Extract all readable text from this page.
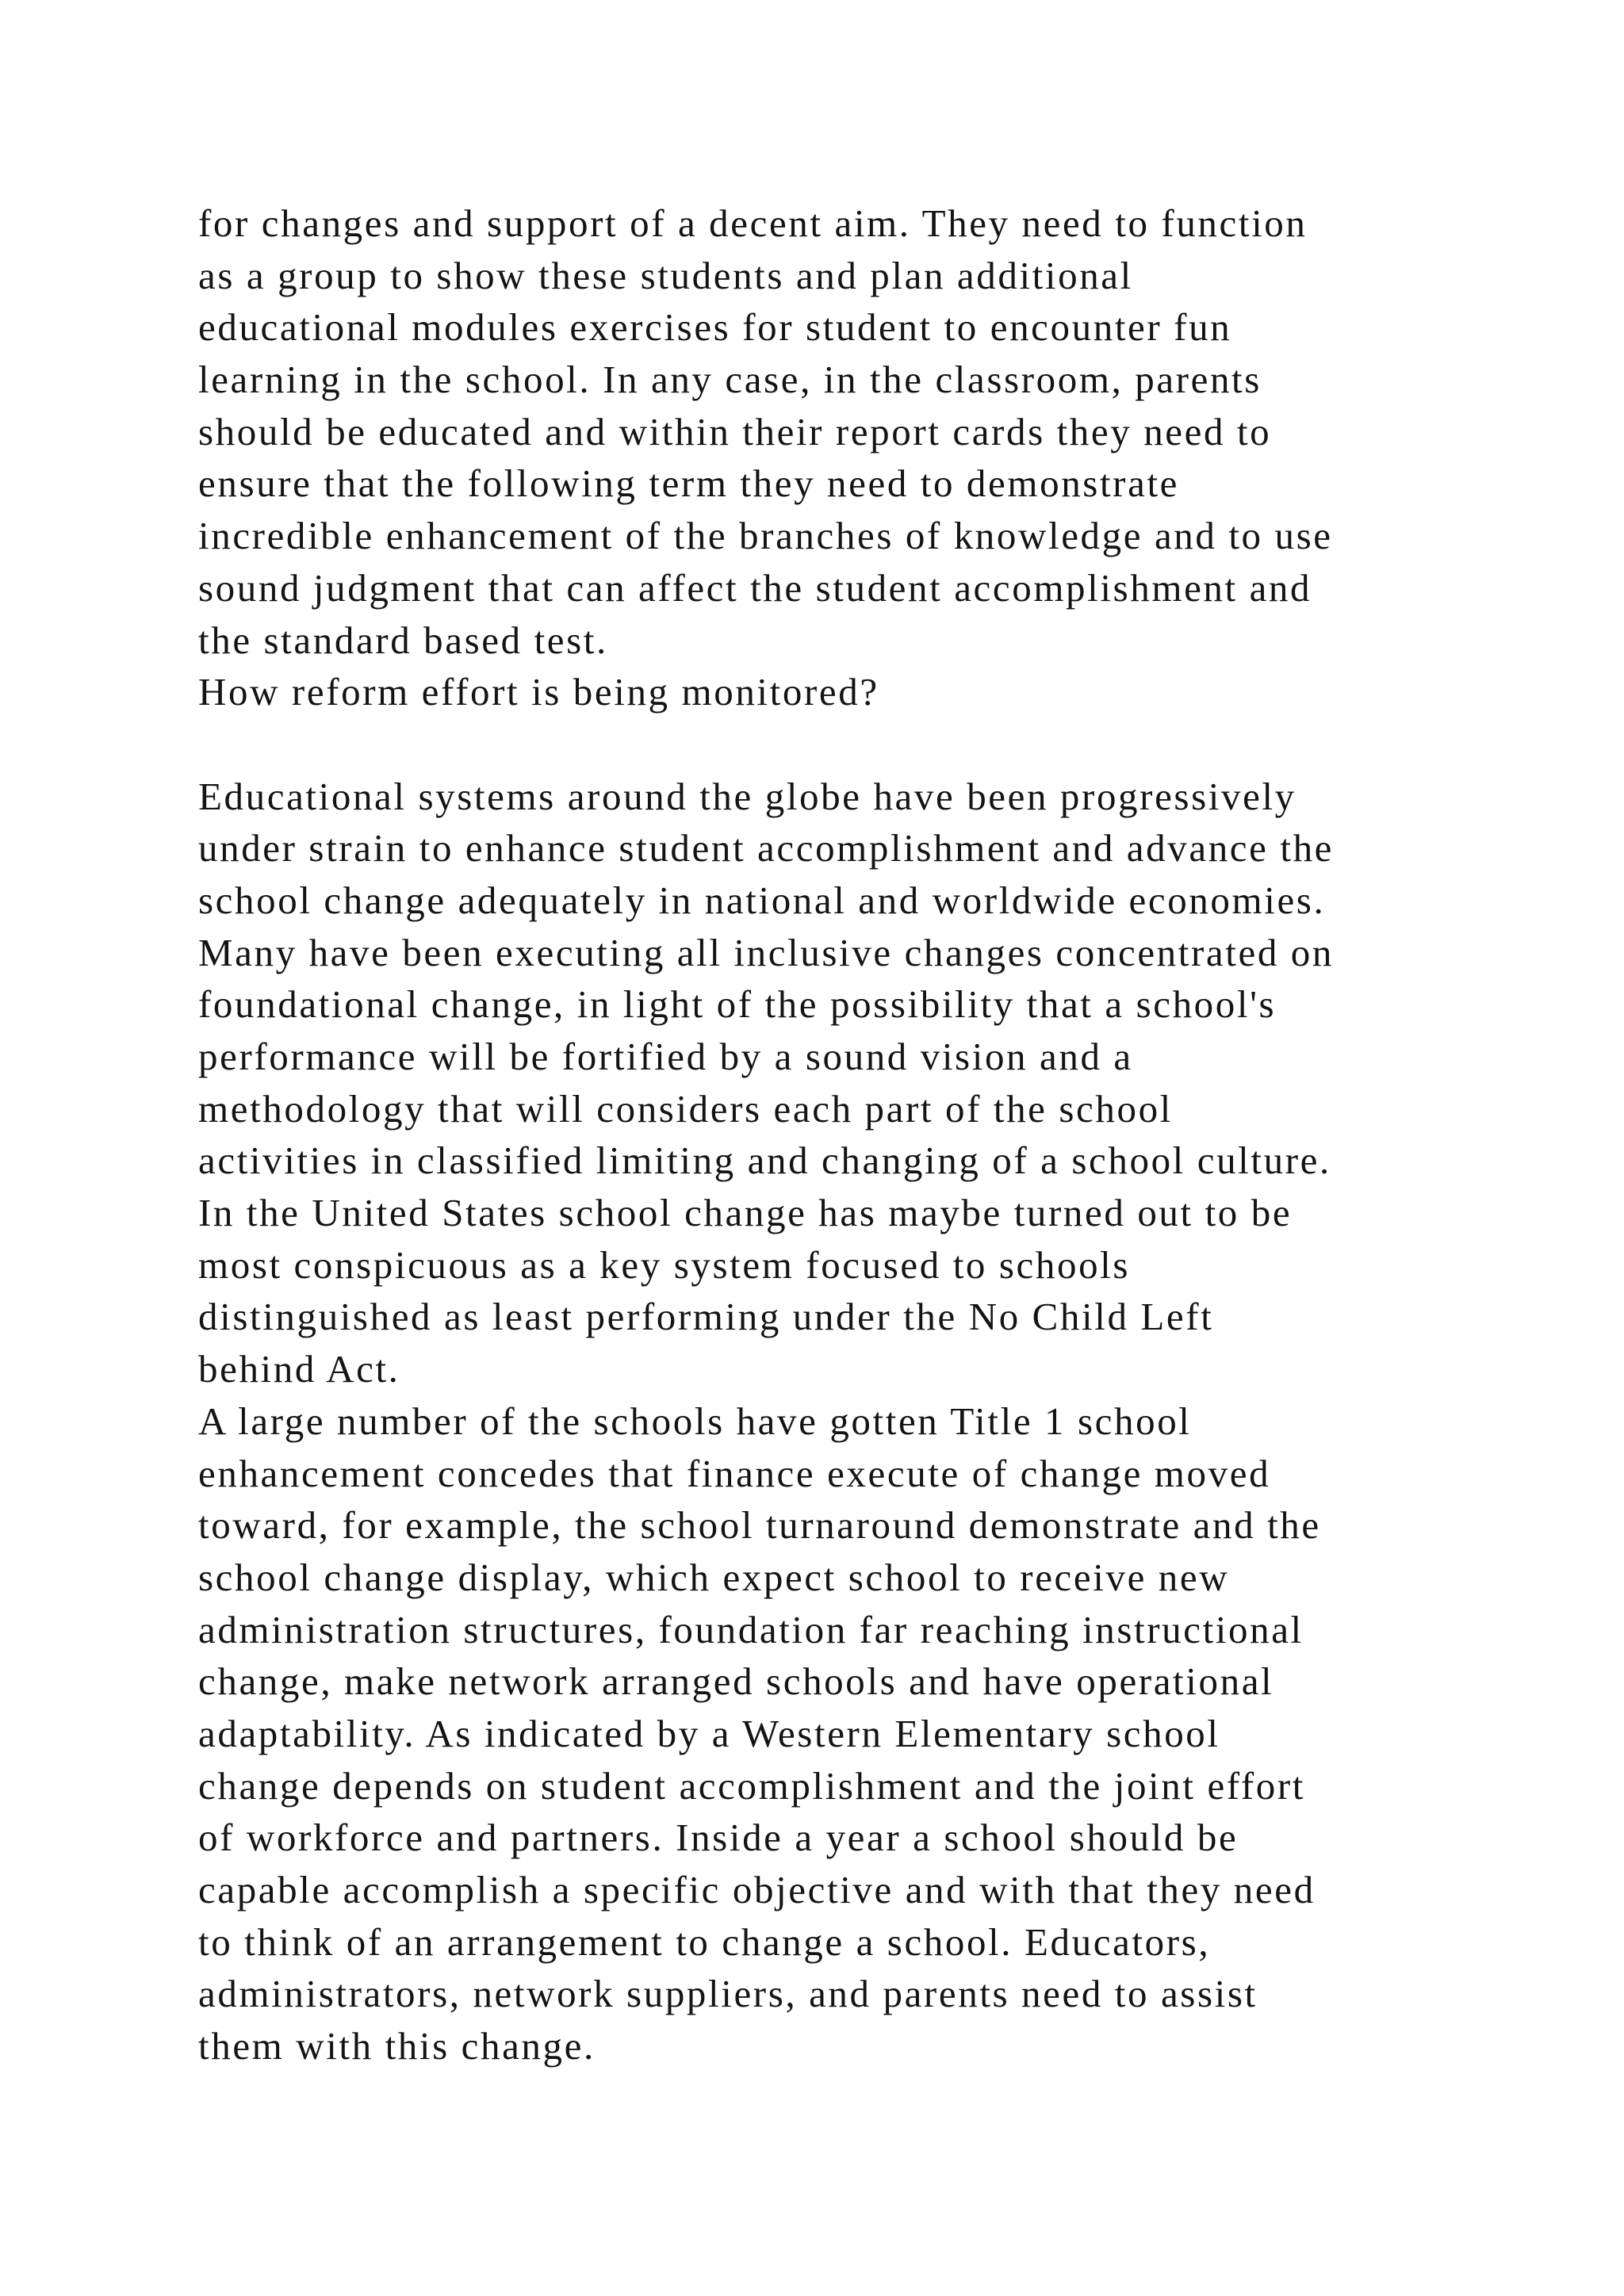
for changes and support of a decent aim. They need to function
as a group to show these students and plan additional
educational modules exercises for student to encounter fun
learning in the school. In any case, in the classroom, parents
should be educated and within their report cards they need to
ensure that the following term they need to demonstrate
incredible enhancement of the branches of knowledge and to use
sound judgment that can affect the student accomplishment and
the standard based test.
How reform effort is being monitored?
Educational systems around the globe have been progressively
under strain to enhance student accomplishment and advance the
school change adequately in national and worldwide economies.
Many have been executing all inclusive changes concentrated on
foundational change, in light of the possibility that a school's
performance will be fortified by a sound vision and a
methodology that will considers each part of the school
activities in classified limiting and changing of a school culture.
In the United States school change has maybe turned out to be
most conspicuous as a key system focused to schools
distinguished as least performing under the No Child Left
behind Act.
A large number of the schools have gotten Title 1 school
enhancement concedes that finance execute of change moved
toward, for example, the school turnaround demonstrate and the
school change display, which expect school to receive new
administration structures, foundation far reaching instructional
change, make network arranged schools and have operational
adaptability. As indicated by a Western Elementary school
change depends on student accomplishment and the joint effort
of workforce and partners. Inside a year a school should be
capable accomplish a specific objective and with that they need
to think of an arrangement to change a school. Educators,
administrators, network suppliers, and parents need to assist
them with this change.
